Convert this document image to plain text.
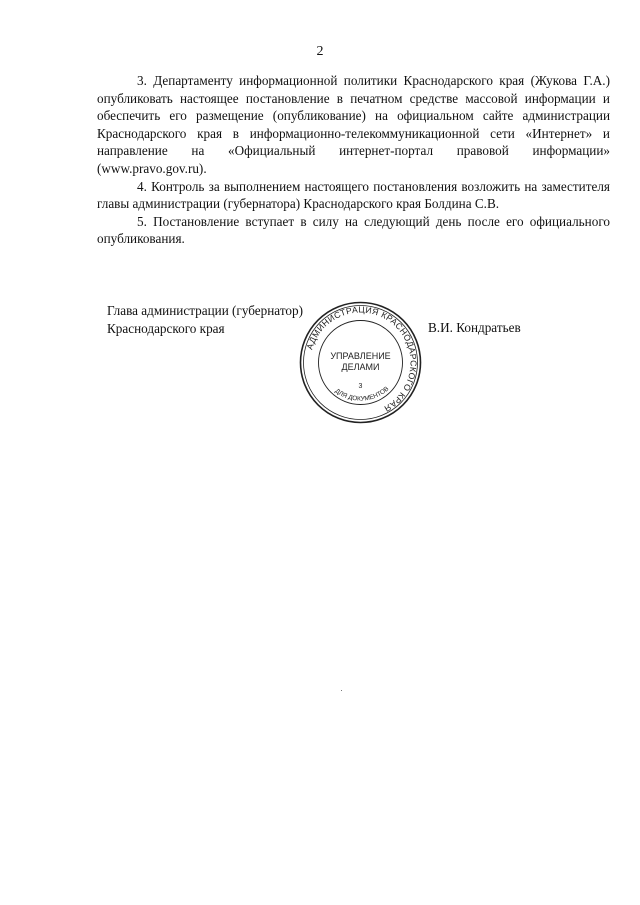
2

3. Департаменту информационной политики Краснодарского края (Жукова Г.А.) опубликовать настоящее постановление в печатном средстве массовой информации и обеспечить его размещение (опубликование) на официальном сайте администрации Краснодарского края в информационно-телекоммуникационной сети «Интернет» и направление на «Официальный интернет-портал правовой информации» (www.pravo.gov.ru).

4. Контроль за выполнением настоящего постановления возложить на заместителя главы администрации (губернатора) Краснодарского края Болдина С.В.

5. Постановление вступает в силу на следующий день после его официального опубликования.

Глава администрации (губернатор)
Краснодарского края	В.И. Кондратьев
АДМИНИСТРАЦИЯ КРАСНОДАРСКОГО КРАЯ
ДЛЯ ДОКУМЕНТОВ
УПРАВЛЕНИЕ
ДЕЛАМИ
3
